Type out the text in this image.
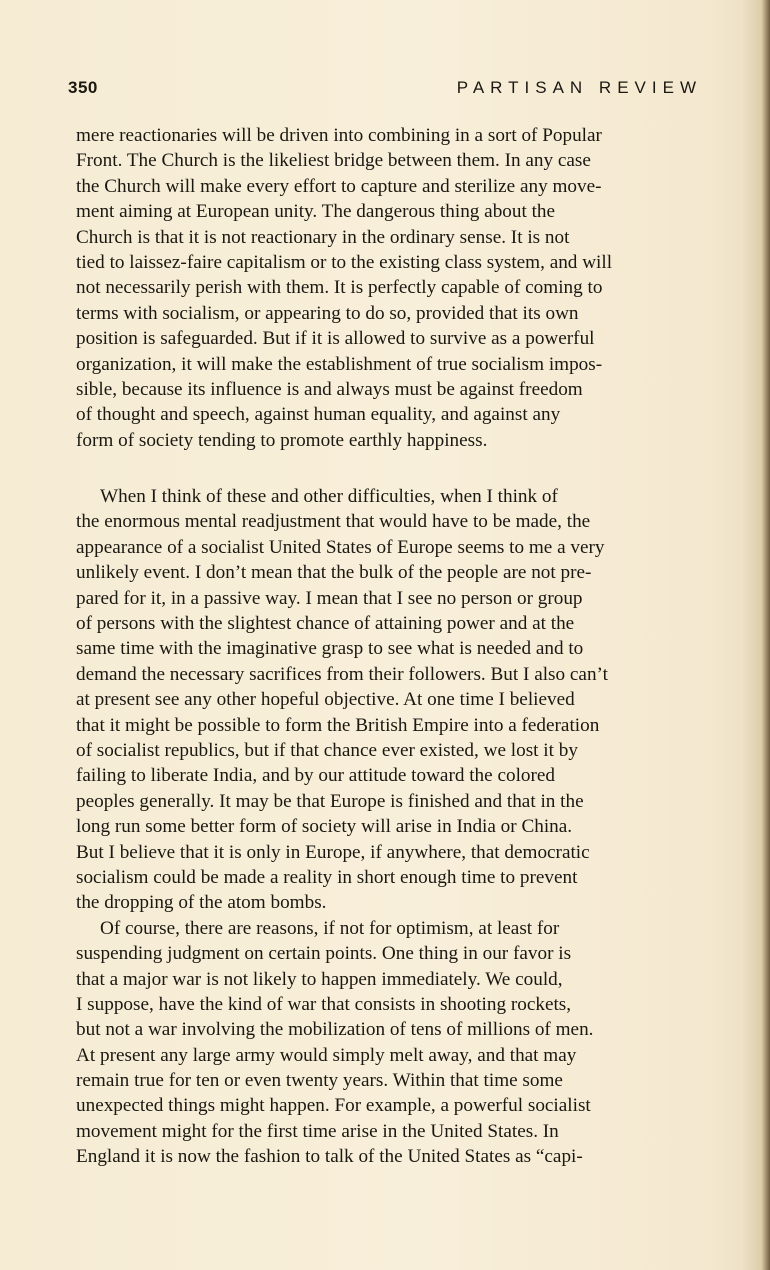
350	PARTISAN REVIEW
mere reactionaries will be driven into combining in a sort of Popular
Front. The Church is the likeliest bridge between them. In any case
the Church will make every effort to capture and sterilize any move-
ment aiming at European unity. The dangerous thing about the
Church is that it is not reactionary in the ordinary sense. It is not
tied to laissez-faire capitalism or to the existing class system, and will
not necessarily perish with them. It is perfectly capable of coming to
terms with socialism, or appearing to do so, provided that its own
position is safeguarded. But if it is allowed to survive as a powerful
organization, it will make the establishment of true socialism impos-
sible, because its influence is and always must be against freedom
of thought and speech, against human equality, and against any
form of society tending to promote earthly happiness.
When I think of these and other difficulties, when I think of
the enormous mental readjustment that would have to be made, the
appearance of a socialist United States of Europe seems to me a very
unlikely event. I don’t mean that the bulk of the people are not pre-
pared for it, in a passive way. I mean that I see no person or group
of persons with the slightest chance of attaining power and at the
same time with the imaginative grasp to see what is needed and to
demand the necessary sacrifices from their followers. But I also can’t
at present see any other hopeful objective. At one time I believed
that it might be possible to form the British Empire into a federation
of socialist republics, but if that chance ever existed, we lost it by
failing to liberate India, and by our attitude toward the colored
peoples generally. It may be that Europe is finished and that in the
long run some better form of society will arise in India or China.
But I believe that it is only in Europe, if anywhere, that democratic
socialism could be made a reality in short enough time to prevent
the dropping of the atom bombs.
Of course, there are reasons, if not for optimism, at least for
suspending judgment on certain points. One thing in our favor is
that a major war is not likely to happen immediately. We could,
I suppose, have the kind of war that consists in shooting rockets,
but not a war involving the mobilization of tens of millions of men.
At present any large army would simply melt away, and that may
remain true for ten or even twenty years. Within that time some
unexpected things might happen. For example, a powerful socialist
movement might for the first time arise in the United States. In
England it is now the fashion to talk of the United States as “capi-
